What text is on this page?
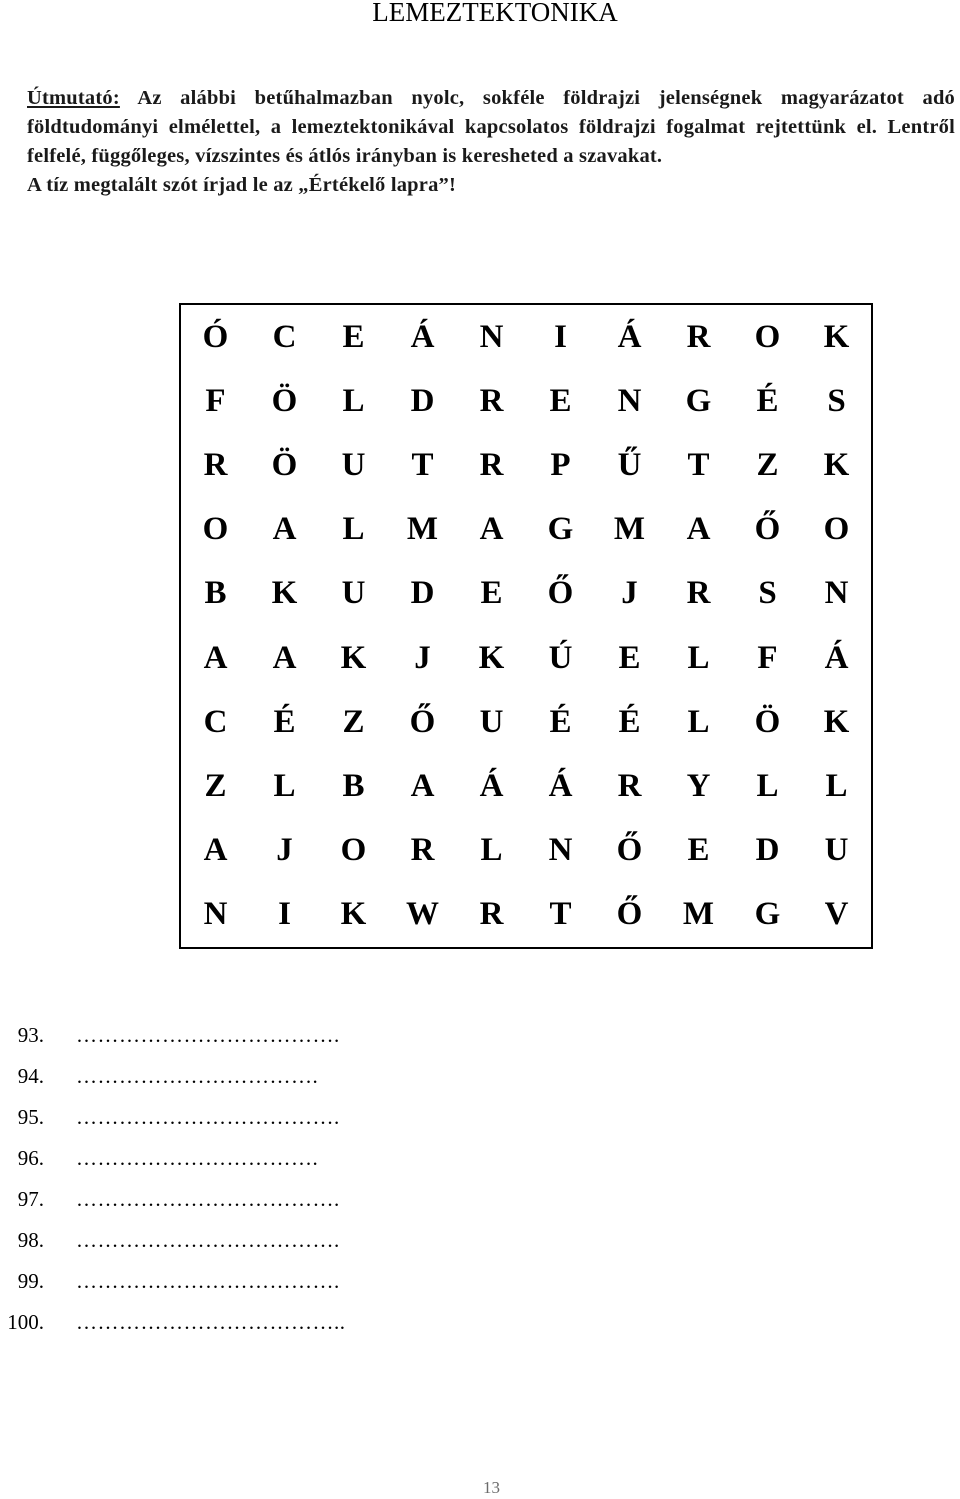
LEMEZTEKTONIKA

Útmutató: Az alábbi betűhalmazban nyolc, sokféle földrajzi jelenségnek magyarázatot adó földtudományi elmélettel, a lemeztektonikával kapcsolatos földrajzi fogalmat rejtettünk el. Lentről felfelé, függőleges, vízszintes és átlós irányban is keresheted a szavakat.

A tíz megtalált szót írjad le az „Értékelő lapra”!

Ó	C	E	Á	N	I	Á	R	O	K
F	Ö	L	D	R	E	N	G	É	S
R	Ö	U	T	R	P	Ű	T	Z	K
O	A	L	M	A	G	M	A	Ő	O
B	K	U	D	E	Ő	J	R	S	N
A	A	K	J	K	Ú	E	L	F	Á
C	É	Z	Ő	U	É	É	L	Ö	K
Z	L	B	A	Á	Á	R	Y	L	L
A	J	O	R	L	N	Ő	E	D	U
N	I	K	W	R	T	Ő	M	G	V
93. ……………………………….
94. …………………………….
95. ……………………………….
96. …………………………….
97. ……………………………….
98. ……………………………….
99. ……………………………….
100. ………………………………..
13
